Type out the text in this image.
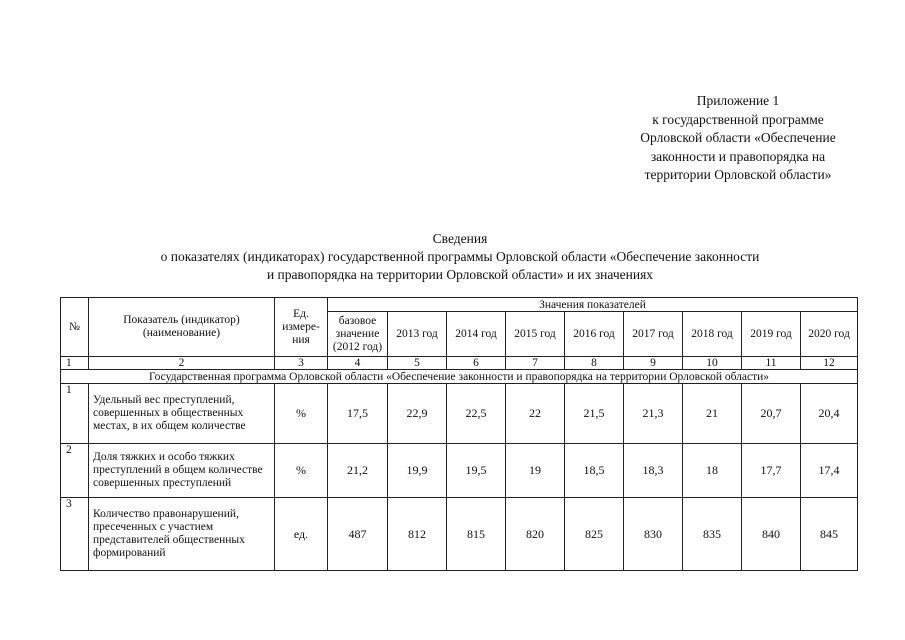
Приложение 1
к государственной программе
Орловской области «Обеспечение
законности и правопорядка на
территории Орловской области»
Сведения
о показателях (индикаторах) государственной программы Орловской области «Обеспечение законности
и правопорядка на территории Орловской области» и их значениях
№	Показатель (индикатор) (наименование)	Ед. измере- ния	Значения показателей								
			базовое значение (2012 год)	2013 год	2014 год	2015 год	2016 год	2017 год	2018 год	2019 год	2020 год
1	2	3	4	5	6	7	8	9	10	11	12
Государственная программа Орловской области «Обеспечение законности и правопорядка на территории Орловской области»											
1	Удельный вес преступлений, совершенных в общественных местах, в их общем количестве	%	17,5	22,9	22,5	22	21,5	21,3	21	20,7	20,4
2	Доля тяжких и особо тяжких преступлений в общем количестве совершенных преступлений	%	21,2	19,9	19,5	19	18,5	18,3	18	17,7	17,4
3	Количество правонарушений, пресеченных с участием представителей общественных формирований	ед.	487	812	815	820	825	830	835	840	845
